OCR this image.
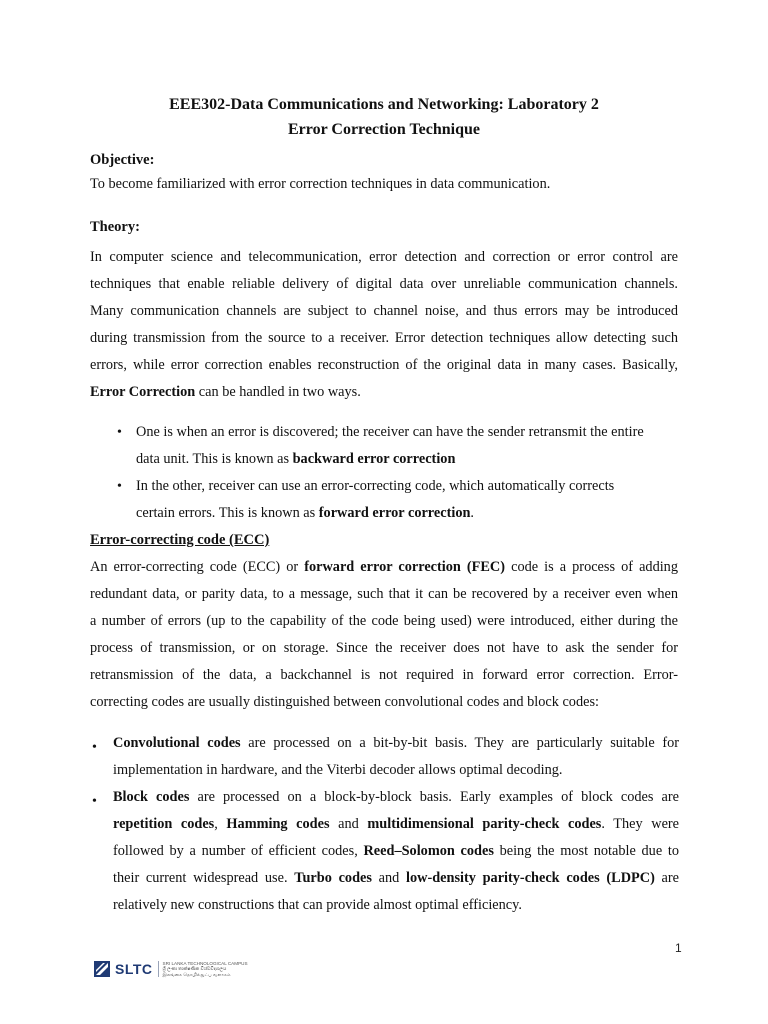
EEE302-Data Communications and Networking: Laboratory 2
Error Correction Technique
Objective:
To become familiarized with error correction techniques in data communication.
Theory:
In computer science and telecommunication, error detection and correction or error control are
techniques that enable reliable delivery of digital data over unreliable communication channels.
Many communication channels are subject to channel noise, and thus errors may be introduced
during transmission from the source to a receiver. Error detection techniques allow detecting such
errors, while error correction enables reconstruction of the original data in many cases. Basically,
Error Correction can be handled in two ways.
• One is when an error is discovered; the receiver can have the sender retransmit the entire
data unit. This is known as backward error correction
• In the other, receiver can use an error-correcting code, which automatically corrects
certain errors. This is known as forward error correction.
Error-correcting code (ECC)
An error-correcting code (ECC) or forward error correction (FEC) code is a process of adding
redundant data, or parity data, to a message, such that it can be recovered by a receiver even when
a number of errors (up to the capability of the code being used) were introduced, either during the
process of transmission, or on storage. Since the receiver does not have to ask the sender for
retransmission of the data, a backchannel is not required in forward error correction. Error-
correcting codes are usually distinguished between convolutional codes and block codes:
• Convolutional codes are processed on a bit-by-bit basis. They are particularly suitable for
implementation in hardware, and the Viterbi decoder allows optimal decoding.
• Block codes are processed on a block-by-block basis. Early examples of block codes are
repetition codes, Hamming codes and multidimensional parity-check codes. They were
followed by a number of efficient codes, Reed–Solomon codes being the most notable due to
their current widespread use. Turbo codes and low-density parity-check codes (LDPC) are
relatively new constructions that can provide almost optimal efficiency.
1
SLTC SRI LANKA TECHNOLOGICAL CAMPUS
ශ්‍රී ලංකා තාක්ෂණික විශ්වවිද්‍යාලය
இலங்கை தொழில்நுட்ப வளாகம்
